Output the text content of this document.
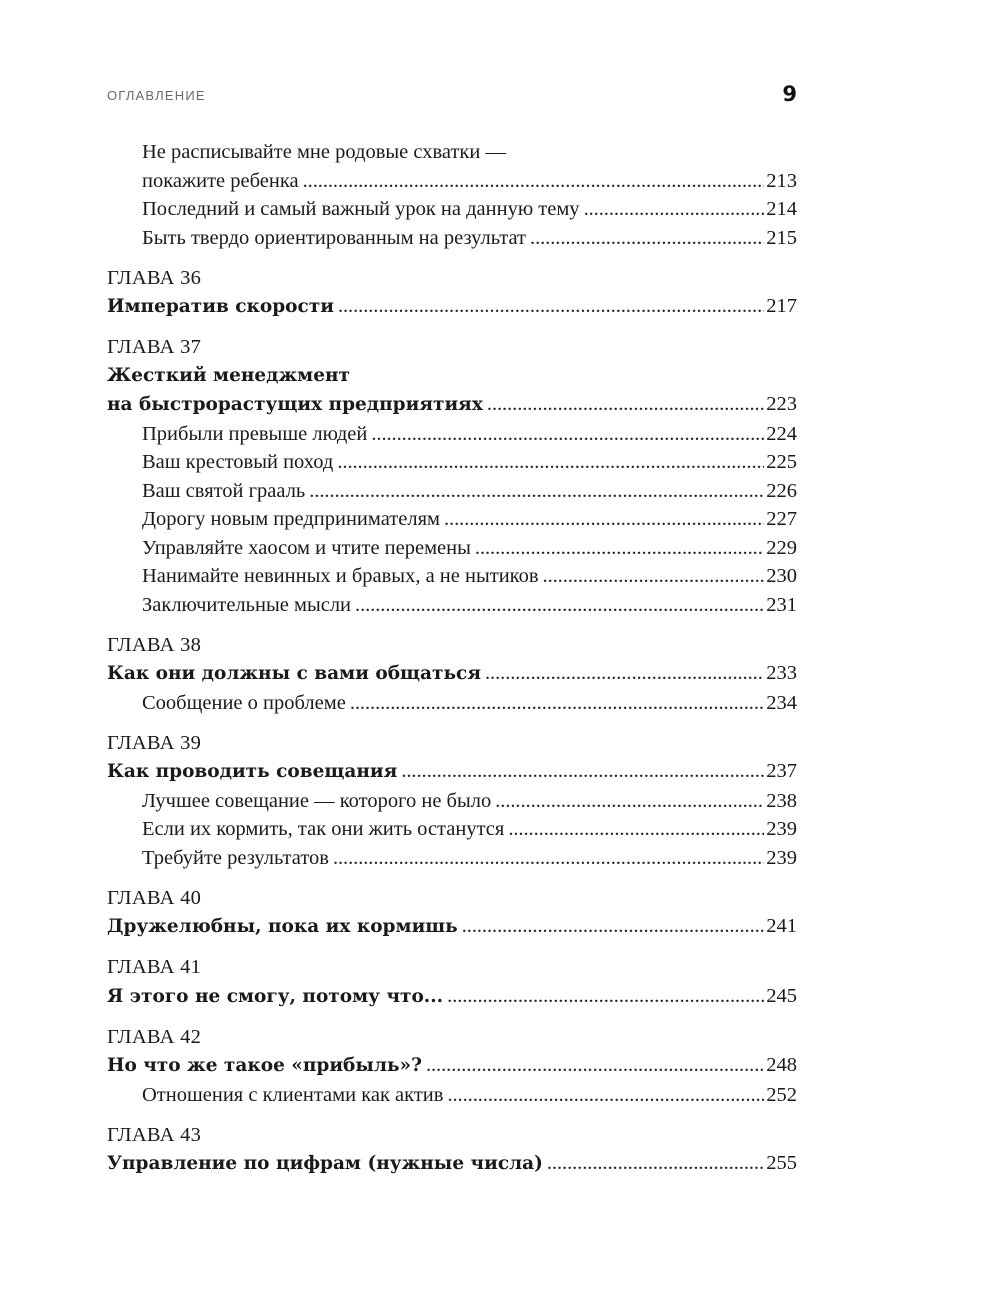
ОГЛАВЛЕНИЕ	9
Не расписывайте мне родовые схватки —
покажите ребенка . . .	213
Последний и самый важный урок на данную тему . . .	214
Быть твердо ориентированным на результат . . .	215
ГЛАВА 36
Императив скорости . . .	217
ГЛАВА 37
Жесткий менеджмент
на быстрорастущих предприятиях . . .	223
Прибыли превыше людей . . .	224
Ваш крестовый поход . . .	225
Ваш святой грааль . . .	226
Дорогу новым предпринимателям . . .	227
Управляйте хаосом и чтите перемены . . .	229
Нанимайте невинных и бравых, а не нытиков . . .	230
Заключительные мысли . . .	231
ГЛАВА 38
Как они должны с вами общаться . . .	233
Сообщение о проблеме . . .	234
ГЛАВА 39
Как проводить совещания . . .	237
Лучшее совещание — которого не было . . .	238
Если их кормить, так они жить останутся . . .	239
Требуйте результатов . . .	239
ГЛАВА 40
Дружелюбны, пока их кормишь . . .	241
ГЛАВА 41
Я этого не смогу, потому что... . . .	245
ГЛАВА 42
Но что же такое «прибыль»? . . .	248
Отношения с клиентами как актив . . .	252
ГЛАВА 43
Управление по цифрам (нужные числа) . . .	255
